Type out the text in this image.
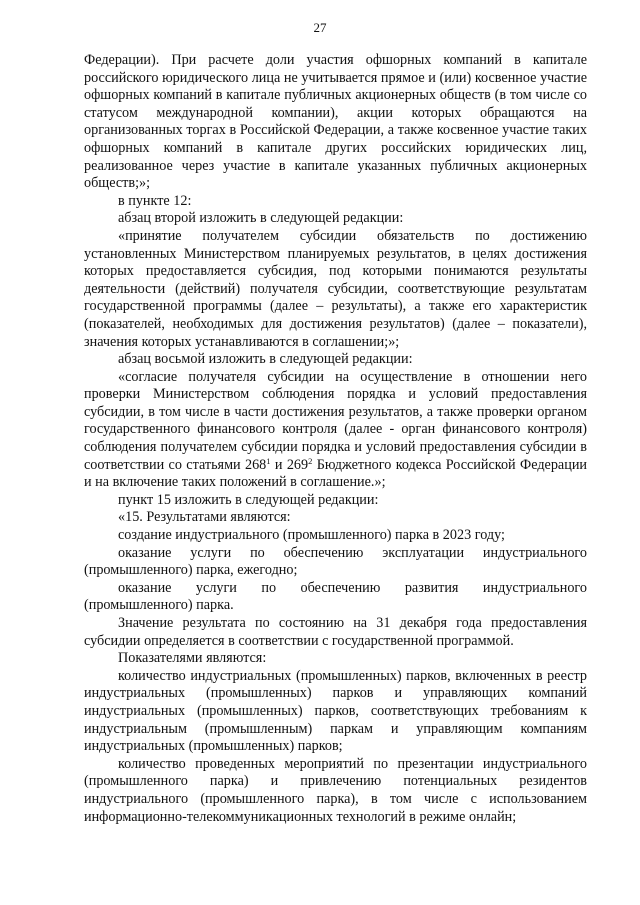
27

Федерации). При расчете доли участия офшорных компаний в капитале российского юридического лица не учитывается прямое и (или) косвенное участие офшорных компаний в капитале публичных акционерных обществ (в том числе со статусом международной компании), акции которых обращаются на организованных торгах в Российской Федерации, а также косвенное участие таких офшорных компаний в капитале других российских юридических лиц, реализованное через участие в капитале указанных публичных акционерных обществ;»;

в пункте 12:

абзац второй изложить в следующей редакции:

«принятие получателем субсидии обязательств по достижению установленных Министерством планируемых результатов, в целях достижения которых предоставляется субсидия, под которыми понимаются результаты деятельности (действий) получателя субсидии, соответствующие результатам государственной программы (далее – результаты), а также его характеристик (показателей, необходимых для достижения результатов) (далее – показатели), значения которых устанавливаются в соглашении;»;

абзац восьмой изложить в следующей редакции:

«согласие получателя субсидии на осуществление в отношении него проверки Министерством соблюдения порядка и условий предоставления субсидии, в том числе в части достижения результатов, а также проверки органом государственного финансового контроля (далее - орган финансового контроля) соблюдения получателем субсидии порядка и условий предоставления субсидии в соответствии со статьями $268^1$ и $269^2$ Бюджетного кодекса Российской Федерации и на включение таких положений в соглашение.»;

пункт 15 изложить в следующей редакции:

«15. Результатами являются:

создание индустриального (промышленного) парка в 2023 году;

оказание услуги по обеспечению эксплуатации индустриального (промышленного) парка, ежегодно;

оказание услуги по обеспечению развития индустриального (промышленного) парка.

Значение результата по состоянию на 31 декабря года предоставления субсидии определяется в соответствии с государственной программой.

Показателями являются:

количество индустриальных (промышленных) парков, включенных в реестр индустриальных (промышленных) парков и управляющих компаний индустриальных (промышленных) парков, соответствующих требованиям к индустриальным (промышленным) паркам и управляющим компаниям индустриальных (промышленных) парков;

количество проведенных мероприятий по презентации индустриального (промышленного парка) и привлечению потенциальных резидентов индустриального (промышленного парка), в том числе с использованием информационно-телекоммуникационных технологий в режиме онлайн;
